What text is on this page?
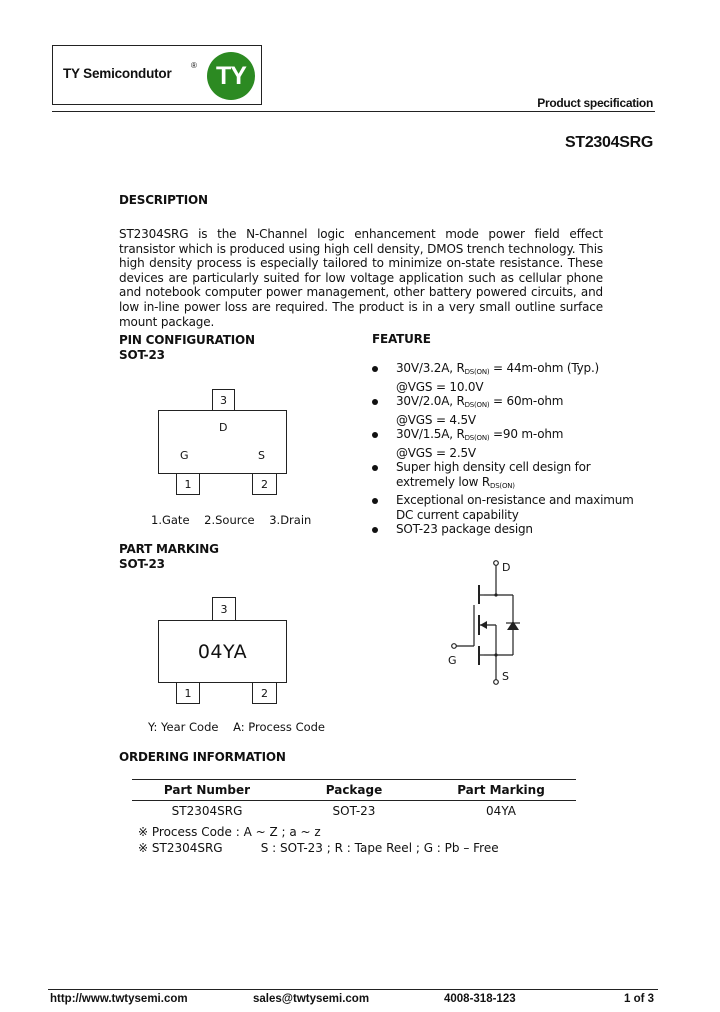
TY Semicondutor
® TY
Product specification
ST2304SRG
DESCRIPTION
ST2304SRG is the N-Channel logic enhancement mode power field effect transistor which is produced using high cell density, DMOS trench technology. This high density process is especially tailored to minimize on-state resistance. These devices are particularly suited for low voltage application such as cellular phone and notebook computer power management, other battery powered circuits, and low in-line power loss are required. The product is in a very small outline surface mount package.
PIN CONFIGURATION
SOT-23
3
D
G	S
1	2
1.Gate    2.Source    3.Drain
FEATURE
30V/3.2A, $R_{DS(ON)} = 44m-ohm$ (Typ.)
@VGS = 10.0V
30V/2.0A, $R_{DS(ON)} = 60m-ohm$
@VGS = 4.5V
30V/1.5A, $R_{DS(ON)} =90$ m-ohm
@VGS = 2.5V
Super high density cell design for
extremely low $R_{DS(ON)}$
Exceptional on-resistance and maximum
DC current capability
SOT-23 package design
PART MARKING
SOT-23
3
04YA
1	2
Y: Year Code    A: Process Code
D
G
S
ORDERING INFORMATION
Part Number	Package	Part Marking
ST2304SRG	SOT-23	04YA
※ Process Code : A ~ Z ; a ~ z
※ ST2304SRG          S : SOT-23 ; R : Tape Reel ; G : Pb – Free
http://www.twtysemi.com	sales@twtysemi.com	4008-318-123	1 of 3
